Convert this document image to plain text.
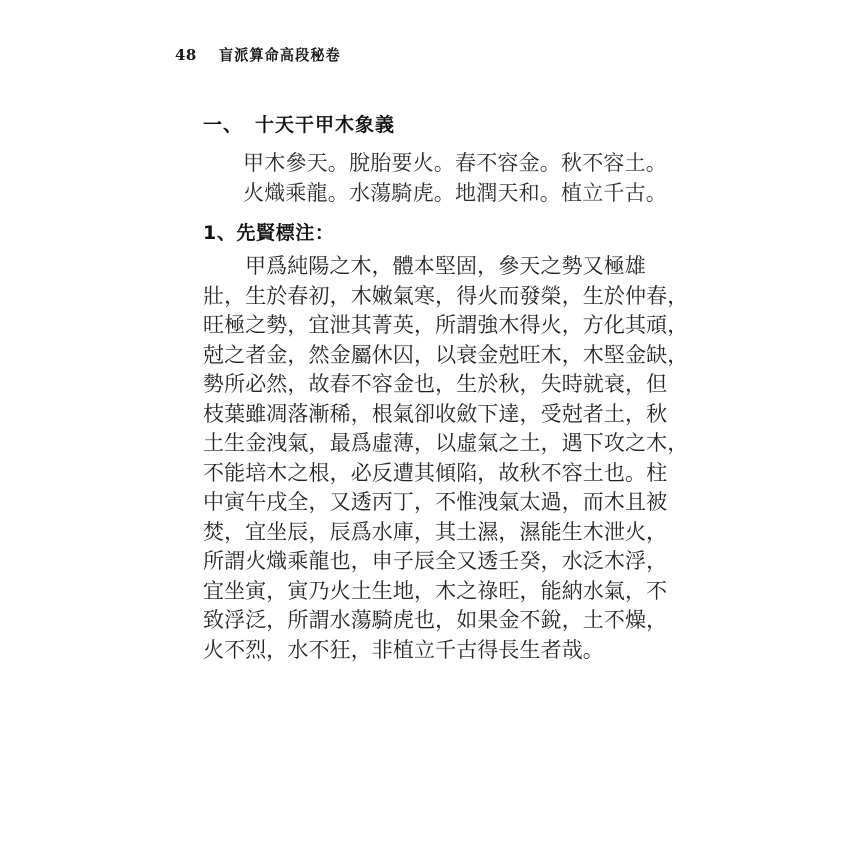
48 盲派算命高段秘卷
一、 十天干甲木象義
甲木參天。脫胎要火。春不容金。秋不容土。
火熾乘龍。水蕩騎虎。地潤天和。植立千古。
1、先賢標注：
甲爲純陽之木，體本堅固，參天之勢又極雄
壯，生於春初，木嫩氣寒，得火而發榮，生於仲春，
旺極之勢，宜泄其菁英，所謂強木得火，方化其頑，
尅之者金，然金屬休囚，以衰金尅旺木，木堅金缺，
勢所必然，故春不容金也，生於秋，失時就衰，但
枝葉雖凋落漸稀，根氣卻收斂下達，受尅者土，秋
土生金洩氣，最爲虛薄，以虛氣之土，遇下攻之木，
不能培木之根，必反遭其傾陷，故秋不容土也。柱
中寅午戌全，又透丙丁，不惟洩氣太過，而木且被
焚，宜坐辰，辰爲水庫，其土濕，濕能生木泄火，
所謂火熾乘龍也，申子辰全又透壬癸，水泛木浮，
宜坐寅，寅乃火土生地，木之祿旺，能納水氣，不
致浮泛，所謂水蕩騎虎也，如果金不銳，土不燥，
火不烈，水不狂，非植立千古得長生者哉。
